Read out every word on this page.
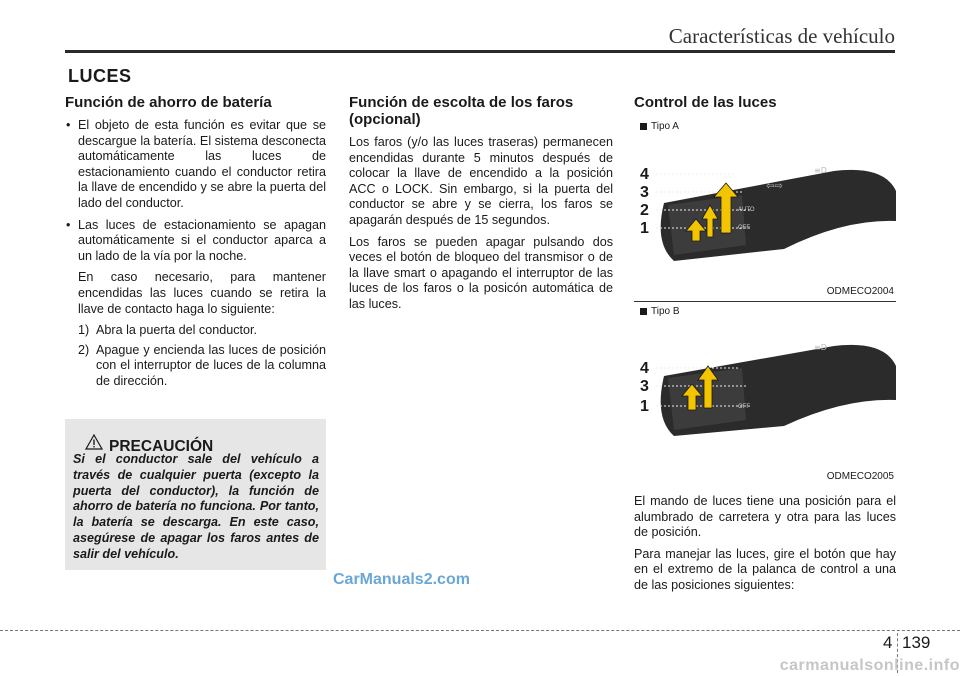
Características de vehículo
LUCES
Función de ahorro de batería
• El objeto de esta función es evitar que se descargue la batería. El sistema desconecta automáticamente las luces de estacionamiento cuando el conductor retira la llave de encendido y se abre la puerta del lado del conductor.
• Las luces de estacionamiento se apagan automáticamente si el conductor aparca a un lado de la vía por la noche.

En caso necesario, para mantener encendidas las luces cuando se retira la llave de contacto haga lo siguiente:

1) Abra la puerta del conductor.
2) Apague y encienda las luces de posición con el interruptor de luces de la columna de dirección.
PRECAUCIÓN
Si el conductor sale del vehículo a través de cualquier puerta (excepto la puerta del conductor), la función de ahorro de batería no funciona. Por tanto, la batería se descarga. En este caso, asegúrese de apagar los faros antes de salir del vehículo.
CarManuals2.com
Función de escolta de los faros (opcional)

Los faros (y/o las luces traseras) permanecen encendidas durante 5 minutos después de colocar la llave de encendido a la posición ACC o LOCK. Sin embargo, si la puerta del conductor se abre y se cierra, los faros se apagarán después de 15 segundos.

Los faros se pueden apagar pulsando dos veces el botón de bloqueo del transmisor o de la llave smart o apagando el interruptor de las luces de los faros o la posicón automática de las luces.

Control de las luces
Tipo A
4
3
2
1
AUTO
OFF
⇦⇨
≡D
ODMECO2004
Tipo B
4
3
1	OFF
≡D
ODMECO2005

El mando de luces tiene una posición para el alumbrado de carretera y otra para las luces de posición.

Para manejar las luces, gire el botón que hay en el extremo de la palanca de control a una de las posiciones siguientes:

4 139
carmanualsonline.info
